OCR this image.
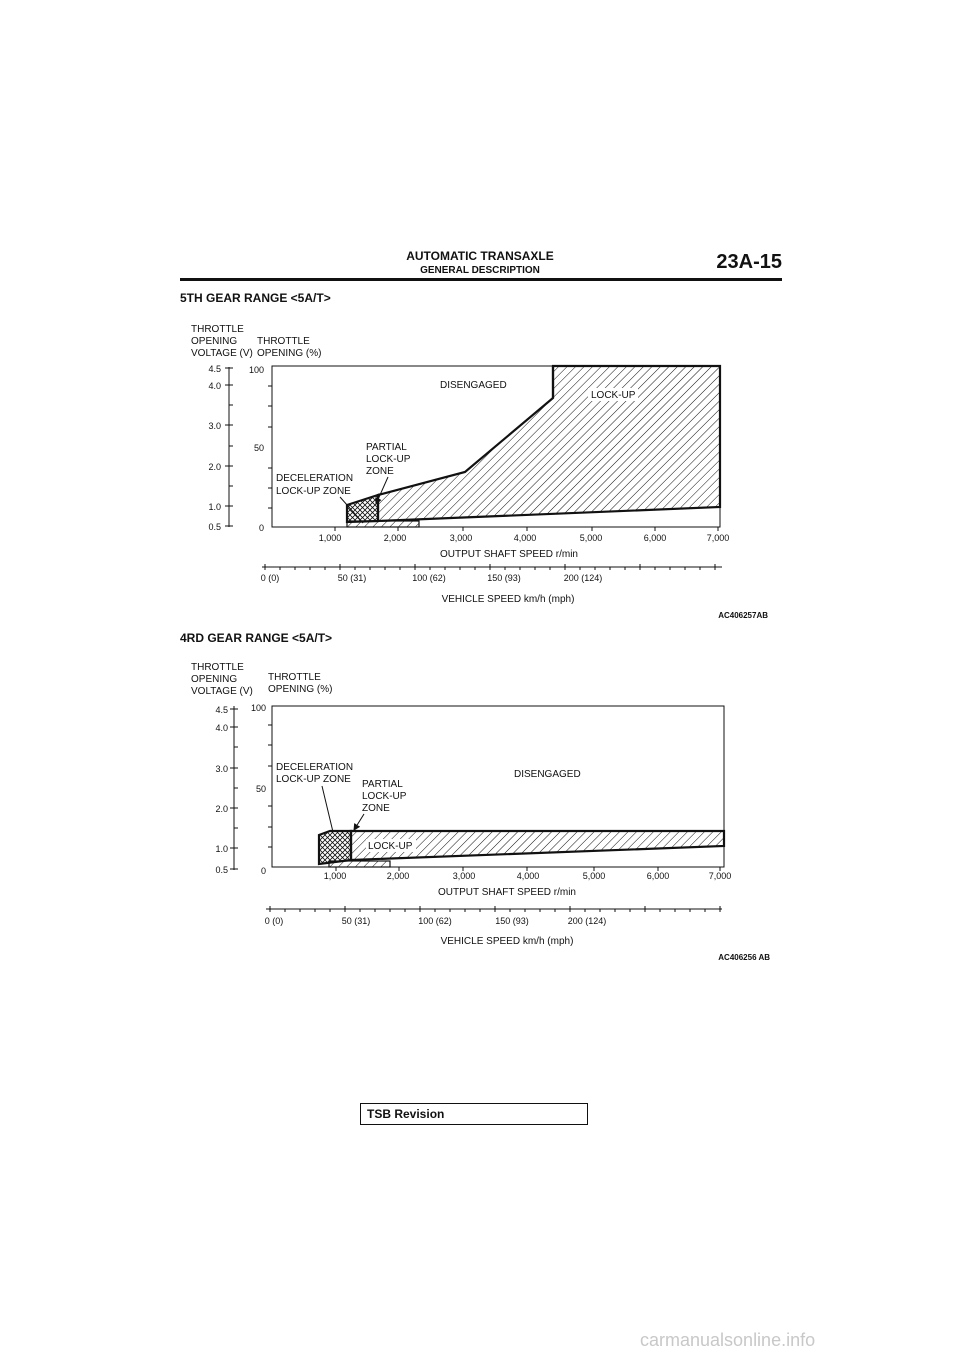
AUTOMATIC TRANSAXLE
GENERAL DESCRIPTION	23A-15
5TH GEAR RANGE <5A/T>
THROTTLE
OPENING
VOLTAGE (V)
THROTTLE
OPENING (%)
4.5
4.0
3.0
2.0
1.0
0.5
100
50
0
DISENGAGED
LOCK-UP
PARTIAL
LOCK-UP
ZONE
DECELERATION
LOCK-UP ZONE
1,000	2,000	3,000	4,000	5,000	6,000	7,000
OUTPUT SHAFT SPEED r/min
0 (0)	50 (31)	100 (62)	150 (93)	200 (124)
VEHICLE SPEED km/h (mph)
AC406257AB
4RD GEAR RANGE <5A/T>
THROTTLE
OPENING
VOLTAGE (V)
THROTTLE
OPENING (%)
4.5
4.0
3.0
2.0
1.0
0.5
100
50
0
DISENGAGED
LOCK-UP
PARTIAL
LOCK-UP
ZONE
DECELERATION
LOCK-UP ZONE
1,000	2,000	3,000	4,000	5,000	6,000	7,000
OUTPUT SHAFT SPEED r/min
0 (0)	50 (31)	100 (62)	150 (93)	200 (124)
VEHICLE SPEED km/h (mph)
AC406256 AB
TSB Revision
carmanualsonline.info
